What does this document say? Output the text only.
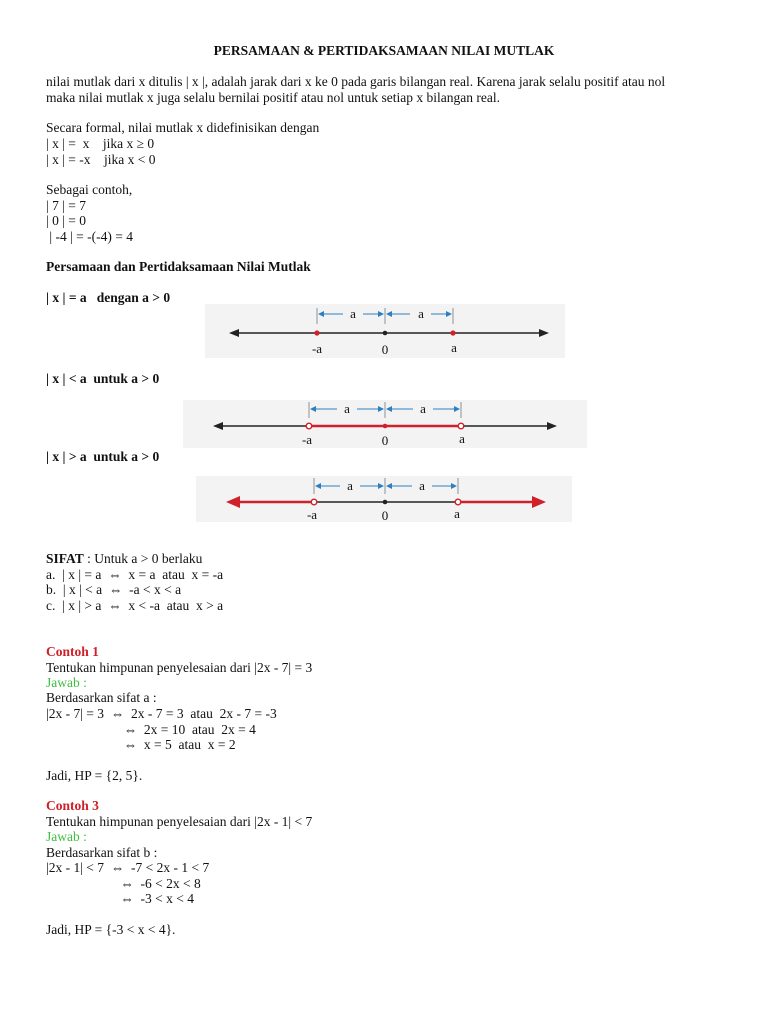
PERSAMAAN & PERTIDAKSAMAAN NILAI MUTLAK
nilai mutlak dari x ditulis | x |, adalah jarak dari x ke 0 pada garis bilangan real. Karena jarak selalu positif atau nol
maka nilai mutlak x juga selalu bernilai positif atau nol untuk setiap x bilangan real.
Secara formal, nilai mutlak x didefinisikan dengan
| x | =  x    jika x ≥ 0
| x | = -x    jika x < 0
Sebagai contoh,
| 7 | = 7
| 0 | = 0
| -4 | = -(-4) = 4
Persamaan dan Pertidaksamaan Nilai Mutlak
| x | = a   dengan a > 0
a	a
-a	0	a
| x | < a  untuk a > 0
a	a
-a	0	a
| x | > a  untuk a > 0
a	a
-a	0	a
SIFAT : Untuk a > 0 berlaku
a.  | x | = a  ⇔  x = a  atau  x = -a
b.  | x | < a  ⇔  -a < x < a
c.  | x | > a  ⇔  x < -a  atau  x > a
Contoh 1
Tentukan himpunan penyelesaian dari |2x - 7| = 3
Jawab :
Berdasarkan sifat a :
|2x - 7| = 3  ⇔  2x - 7 = 3  atau  2x - 7 = -3
⇔  2x = 10  atau  2x = 4
⇔  x = 5  atau  x = 2
Jadi, HP = {2, 5}.
Contoh 3
Tentukan himpunan penyelesaian dari |2x - 1| < 7
Jawab :
Berdasarkan sifat b :
|2x - 1| < 7  ⇔  -7 < 2x - 1 < 7
⇔  -6 < 2x < 8
⇔  -3 < x < 4
Jadi, HP = {-3 < x < 4}.
